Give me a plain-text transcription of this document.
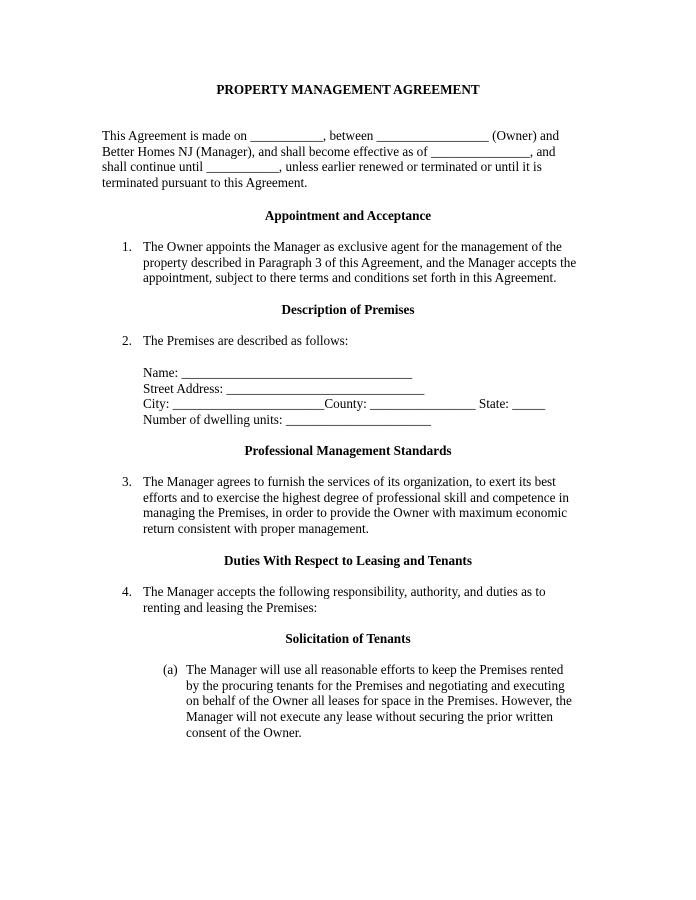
PROPERTY MANAGEMENT AGREEMENT
This Agreement is made on ___________, between _________________ (Owner) and
Better Homes NJ (Manager), and shall become effective as of _______________, and
shall continue until ___________, unless earlier renewed or terminated or until it is
terminated pursuant to this Agreement.
Appointment and Acceptance
1. The Owner appoints the Manager as exclusive agent for the management of the
property described in Paragraph 3 of this Agreement, and the Manager accepts the
appointment, subject to there terms and conditions set forth in this Agreement.
Description of Premises
2. The Premises are described as follows:
Name: ___________________________________
Street Address: ______________________________
City: _______________________County: ________________ State: _____
Number of dwelling units: ______________________
Professional Management Standards
3. The Manager agrees to furnish the services of its organization, to exert its best
efforts and to exercise the highest degree of professional skill and competence in
managing the Premises, in order to provide the Owner with maximum economic
return consistent with proper management.
Duties With Respect to Leasing and Tenants
4. The Manager accepts the following responsibility, authority, and duties as to
renting and leasing the Premises:
Solicitation of Tenants
(a) The Manager will use all reasonable efforts to keep the Premises rented
by the procuring tenants for the Premises and negotiating and executing
on behalf of the Owner all leases for space in the Premises. However, the
Manager will not execute any lease without securing the prior written
consent of the Owner.
